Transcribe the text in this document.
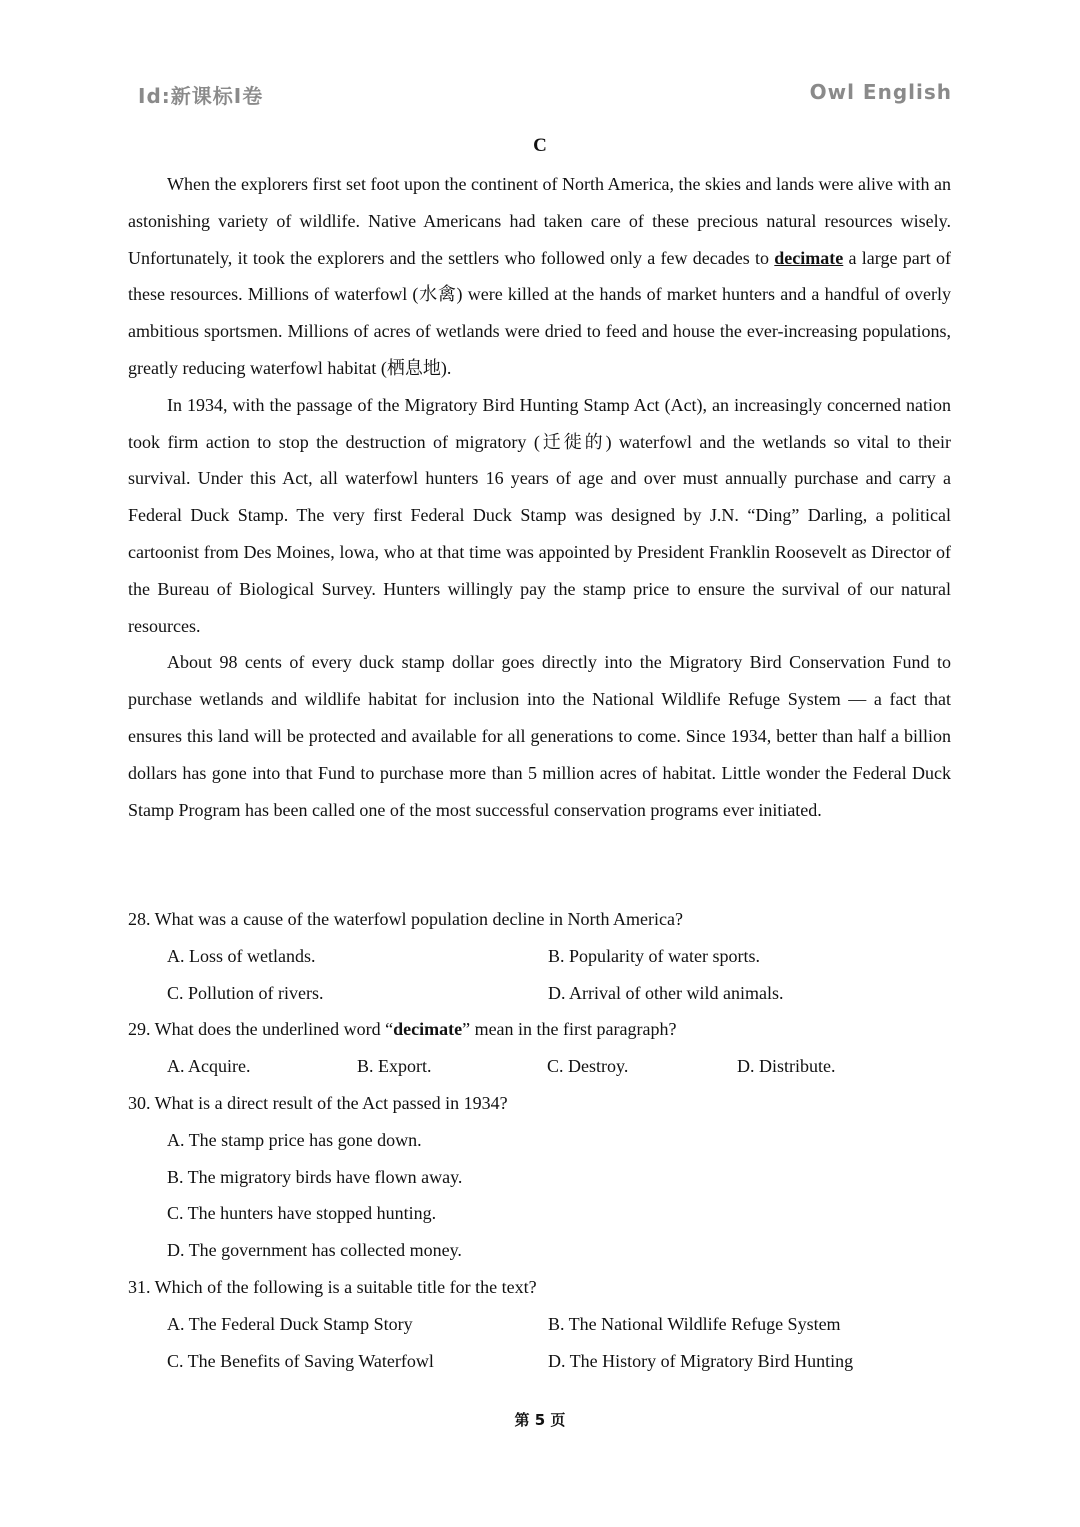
Id:新课标I卷	Owl English
C

When the explorers first set foot upon the continent of North America, the skies and lands were alive with an astonishing variety of wildlife. Native Americans had taken care of these precious natural resources wisely. Unfortunately, it took the explorers and the settlers who followed only a few decades to decimate a large part of these resources. Millions of waterfowl (水禽) were killed at the hands of market hunters and a handful of overly ambitious sportsmen. Millions of acres of wetlands were dried to feed and house the ever-increasing populations, greatly reducing waterfowl habitat (栖息地).

In 1934, with the passage of the Migratory Bird Hunting Stamp Act (Act), an increasingly concerned nation took firm action to stop the destruction of migratory (迁徙的) waterfowl and the wetlands so vital to their survival. Under this Act, all waterfowl hunters 16 years of age and over must annually purchase and carry a Federal Duck Stamp. The very first Federal Duck Stamp was designed by J.N. “Ding” Darling, a political cartoonist from Des Moines, lowa, who at that time was appointed by President Franklin Roosevelt as Director of the Bureau of Biological Survey. Hunters willingly pay the stamp price to ensure the survival of our natural resources.

About 98 cents of every duck stamp dollar goes directly into the Migratory Bird Conservation Fund to purchase wetlands and wildlife habitat for inclusion into the National Wildlife Refuge System — a fact that ensures this land will be protected and available for all generations to come. Since 1934, better than half a billion dollars has gone into that Fund to purchase more than 5 million acres of habitat. Little wonder the Federal Duck Stamp Program has been called one of the most successful conservation programs ever initiated.

28. What was a cause of the waterfowl population decline in North America?

A. Loss of wetlands.	B. Popularity of water sports.
C. Pollution of rivers.	D. Arrival of other wild animals.

29. What does the underlined word “decimate” mean in the first paragraph?

A. Acquire.	B. Export.	C. Destroy.	D. Distribute.

30. What is a direct result of the Act passed in 1934?

A. The stamp price has gone down.
B. The migratory birds have flown away.
C. The hunters have stopped hunting.
D. The government has collected money.

31. Which of the following is a suitable title for the text?

A. The Federal Duck Stamp Story	B. The National Wildlife Refuge System
C. The Benefits of Saving Waterfowl	D. The History of Migratory Bird Hunting
第 5 页
